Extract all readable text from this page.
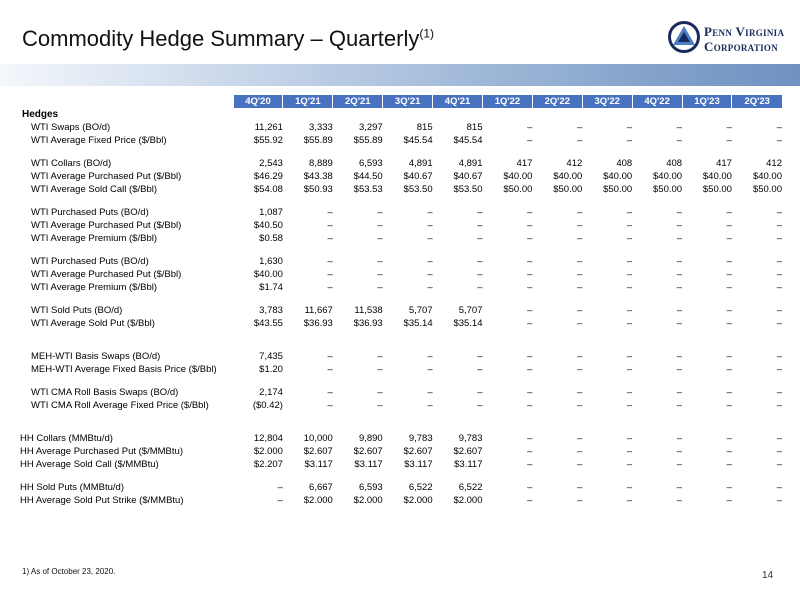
Commodity Hedge Summary – Quarterly$^{(1)}$	Penn Virginia
Corporation
	4Q'20	1Q'21	2Q'21	3Q'21	4Q'21	1Q'22	2Q'22	3Q'22	4Q'22	1Q'23	2Q'23
Hedges											
WTI Swaps (BO/d)	11,261	3,333	3,297	815	815	–	–	–	–	–	–
WTI Average Fixed Price ($/Bbl)	$55.92	$55.89	$55.89	$45.54	$45.54	–	–	–	–	–	–

WTI Collars (BO/d)	2,543	8,889	6,593	4,891	4,891	417	412	408	408	417	412
WTI Average Purchased Put ($/Bbl)	$46.29	$43.38	$44.50	$40.67	$40.67	$40.00	$40.00	$40.00	$40.00	$40.00	$40.00
WTI Average Sold Call ($/Bbl)	$54.08	$50.93	$53.53	$53.50	$53.50	$50.00	$50.00	$50.00	$50.00	$50.00	$50.00

WTI Purchased Puts (BO/d)	1,087	–	–	–	–	–	–	–	–	–	–
WTI Average Purchased Put ($/Bbl)	$40.50	–	–	–	–	–	–	–	–	–	–
WTI Average Premium ($/Bbl)	$0.58	–	–	–	–	–	–	–	–	–	–

WTI Purchased Puts (BO/d)	1,630	–	–	–	–	–	–	–	–	–	–
WTI Average Purchased Put ($/Bbl)	$40.00	–	–	–	–	–	–	–	–	–	–
WTI Average Premium ($/Bbl)	$1.74	–	–	–	–	–	–	–	–	–	–

WTI Sold Puts (BO/d)	3,783	11,667	11,538	5,707	5,707	–	–	–	–	–	–
WTI Average Sold Put ($/Bbl)	$43.55	$36.93	$36.93	$35.14	$35.14	–	–	–	–	–	–

MEH-WTI Basis Swaps (BO/d)	7,435	–	–	–	–	–	–	–	–	–	–
MEH-WTI Average Fixed Basis Price ($/Bbl)	$1.20	–	–	–	–	–	–	–	–	–	–

WTI CMA Roll Basis Swaps (BO/d)	2,174	–	–	–	–	–	–	–	–	–	–
WTI CMA Roll Average Fixed Price ($/Bbl)	($0.42)	–	–	–	–	–	–	–	–	–	–

HH Collars (MMBtu/d)	12,804	10,000	9,890	9,783	9,783	–	–	–	–	–	–
HH Average Purchased Put ($/MMBtu)	$2.000	$2.607	$2.607	$2.607	$2.607	–	–	–	–	–	–
HH Average Sold Call ($/MMBtu)	$2.207	$3.117	$3.117	$3.117	$3.117	–	–	–	–	–	–

HH Sold Puts (MMBtu/d)	–	6,667	6,593	6,522	6,522	–	–	–	–	–	–
HH Average Sold Put Strike ($/MMBtu)	–	$2.000	$2.000	$2.000	$2.000	–	–	–	–	–	–
1) As of October 23, 2020.	14
